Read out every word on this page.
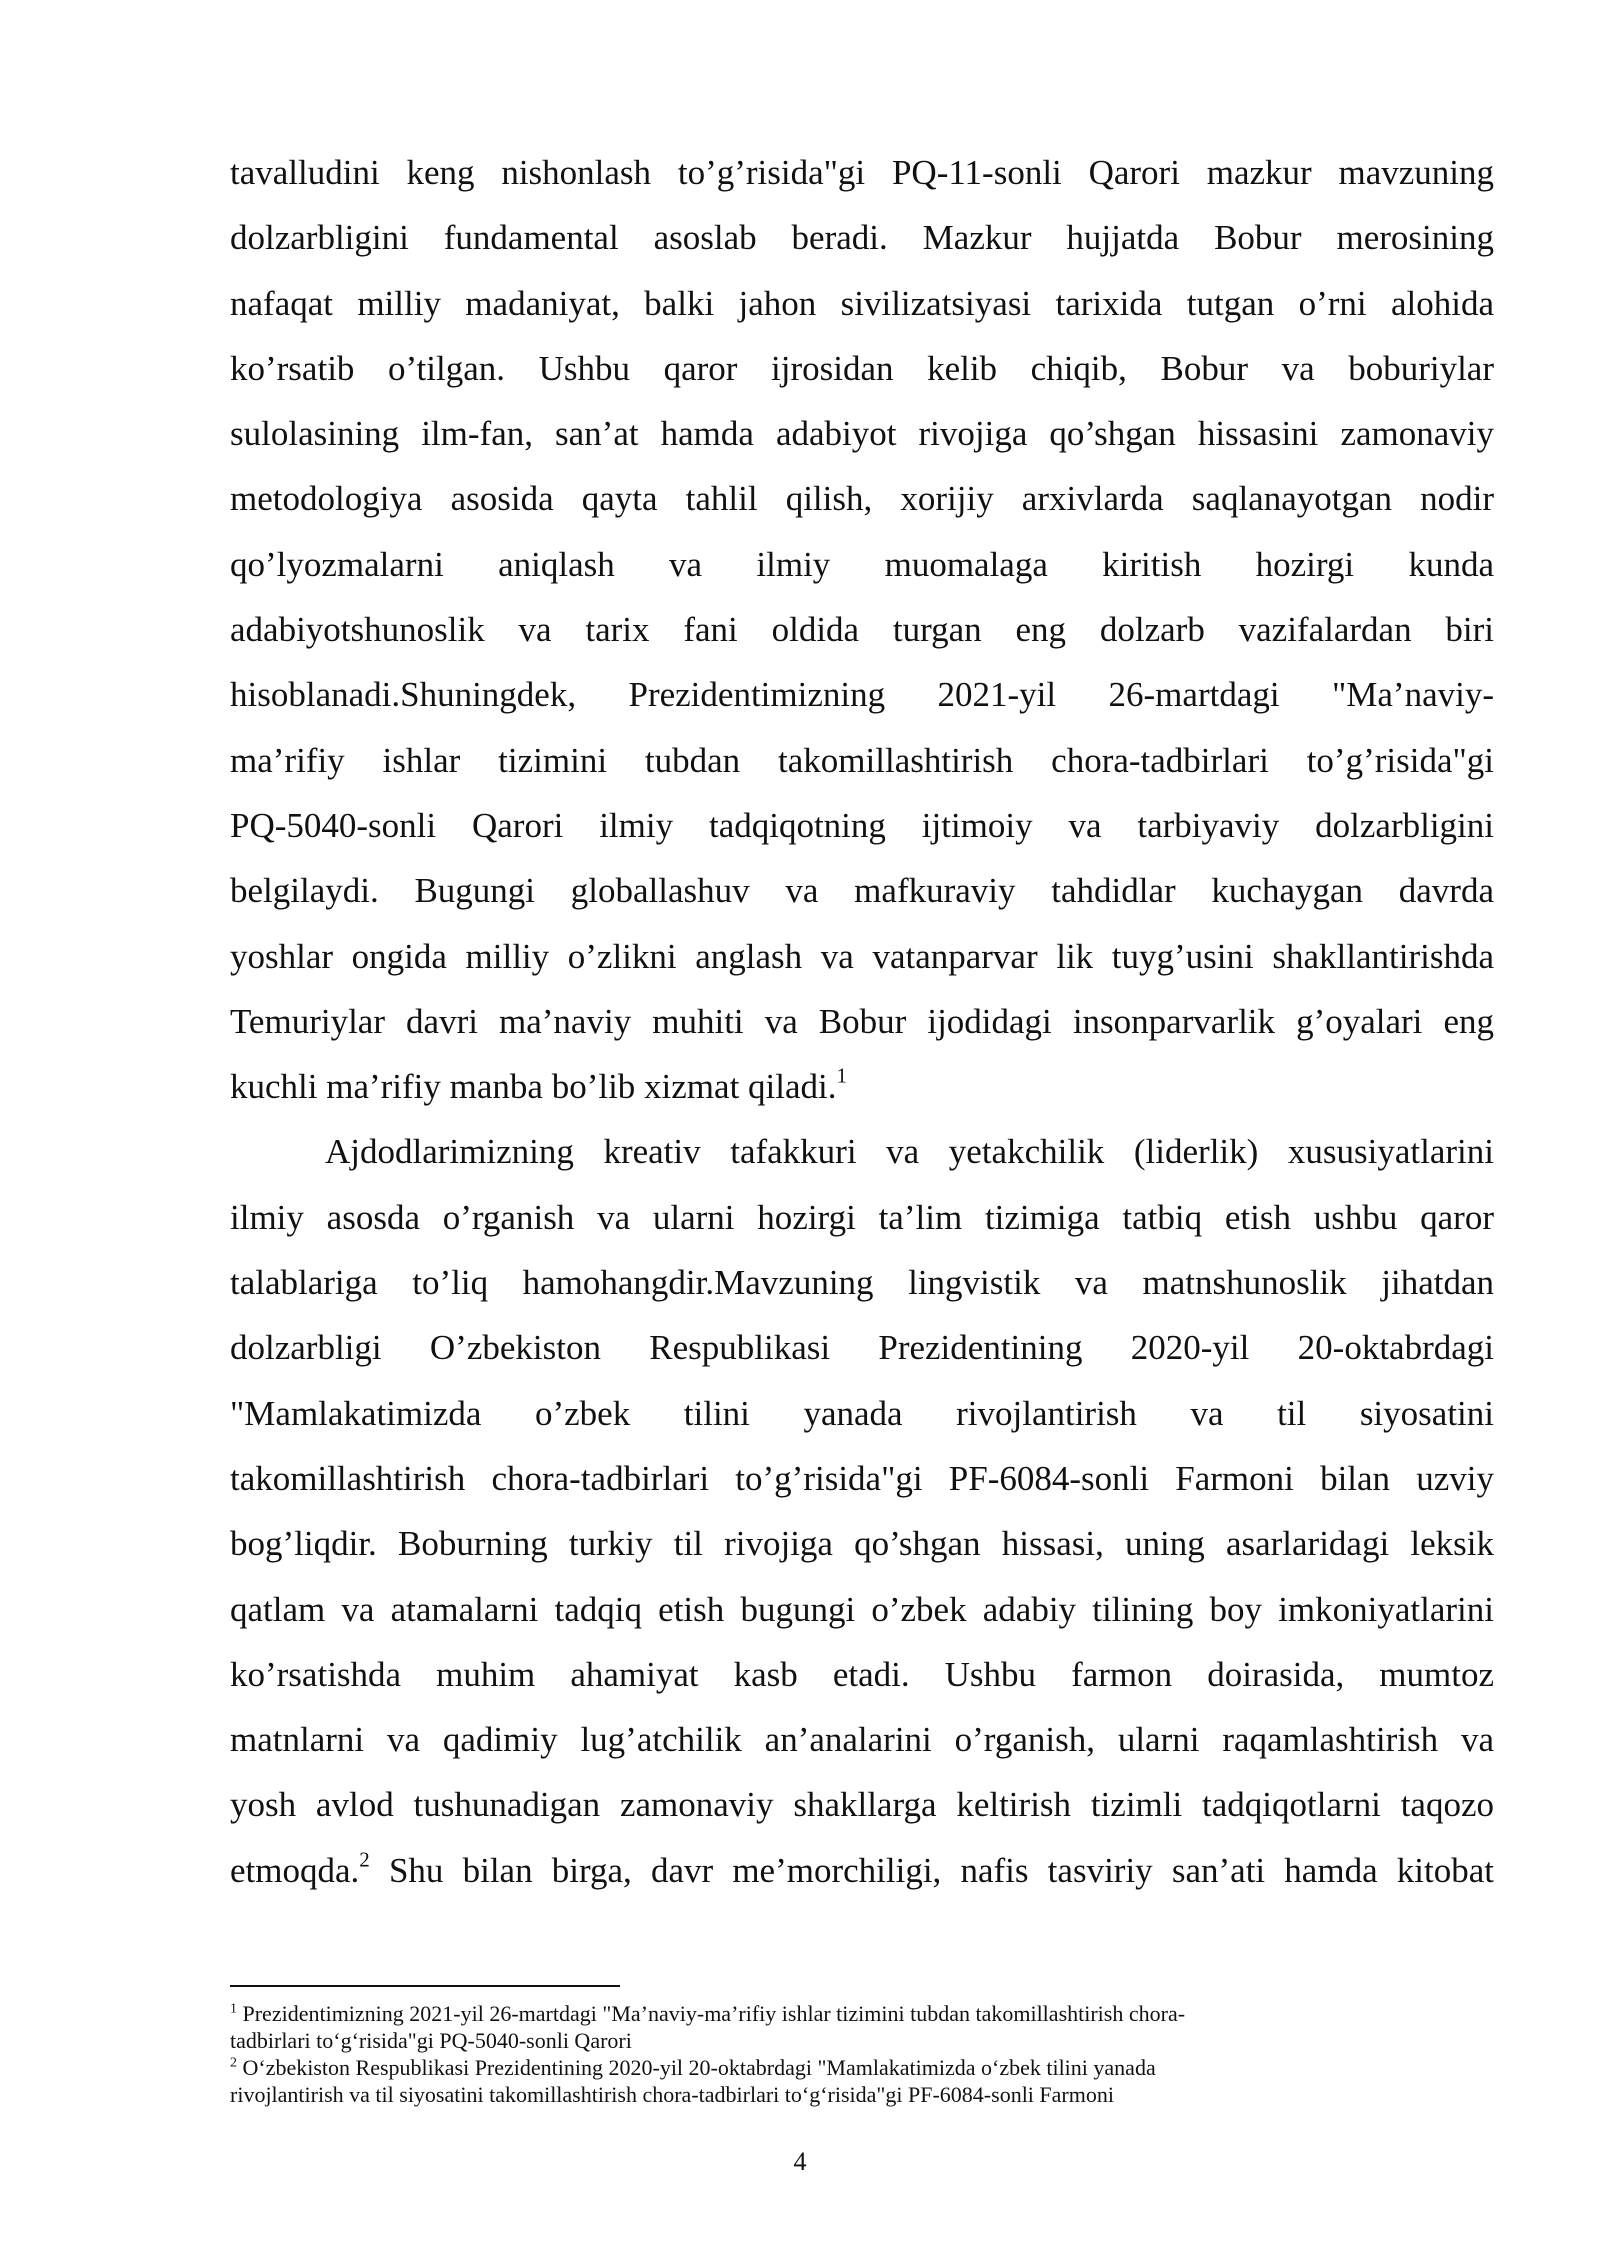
tavalludini keng nishonlash to’g’risida"gi PQ-11-sonli Qarori mazkur mavzuning
dolzarbligini fundamental asoslab beradi. Mazkur hujjatda Bobur merosining
nafaqat milliy madaniyat, balki jahon sivilizatsiyasi tarixida tutgan o’rni alohida
ko’rsatib o’tilgan. Ushbu qaror ijrosidan kelib chiqib, Bobur va boburiylar
sulolasining ilm-fan, san’at hamda adabiyot rivojiga qo’shgan hissasini zamonaviy
metodologiya asosida qayta tahlil qilish, xorijiy arxivlarda saqlanayotgan nodir
qo’lyozmalarni aniqlash va ilmiy muomalaga kiritish hozirgi kunda
adabiyotshunoslik va tarix fani oldida turgan eng dolzarb vazifalardan biri
hisoblanadi.Shuningdek, Prezidentimizning 2021-yil 26-martdagi "Ma’naviy-
ma’rifiy ishlar tizimini tubdan takomillashtirish chora-tadbirlari to’g’risida"gi
PQ-5040-sonli Qarori ilmiy tadqiqotning ijtimoiy va tarbiyaviy dolzarbligini
belgilaydi. Bugungi globallashuv va mafkuraviy tahdidlar kuchaygan davrda
yoshlar ongida milliy o’zlikni anglash va vatanparvar lik tuyg’usini shakllantirishda
Temuriylar davri ma’naviy muhiti va Bobur ijodidagi insonparvarlik g’oyalari eng
kuchli ma’rifiy manba bo’lib xizmat qiladi.$^1$
Ajdodlarimizning kreativ tafakkuri va yetakchilik (liderlik) xususiyatlarini
ilmiy asosda o’rganish va ularni hozirgi ta’lim tizimiga tatbiq etish ushbu qaror
talablariga to’liq hamohangdir.Mavzuning lingvistik va matnshunoslik jihatdan
dolzarbligi O’zbekiston Respublikasi Prezidentining 2020-yil 20-oktabrdagi
"Mamlakatimizda o’zbek tilini yanada rivojlantirish va til siyosatini
takomillashtirish chora-tadbirlari to’g’risida"gi PF-6084-sonli Farmoni bilan uzviy
bog’liqdir. Boburning turkiy til rivojiga qo’shgan hissasi, uning asarlaridagi leksik
qatlam va atamalarni tadqiq etish bugungi o’zbek adabiy tilining boy imkoniyatlarini
ko’rsatishda muhim ahamiyat kasb etadi. Ushbu farmon doirasida, mumtoz
matnlarni va qadimiy lug’atchilik an’analarini o’rganish, ularni raqamlashtirish va
yosh avlod tushunadigan zamonaviy shakllarga keltirish tizimli tadqiqotlarni taqozo
etmoqda.$^2$ Shu bilan birga, davr me’morchiligi, nafis tasviriy san’ati hamda kitobat

$^1$ Prezidentimizning 2021-yil 26-martdagi "Ma’naviy-ma’rifiy ishlar tizimini tubdan takomillashtirish chora-
tadbirlari to‘g‘risida"gi PQ-5040-sonli Qarori

$^2$ O‘zbekiston Respublikasi Prezidentining 2020-yil 20-oktabrdagi "Mamlakatimizda o‘zbek tilini yanada
rivojlantirish va til siyosatini takomillashtirish chora-tadbirlari to‘g‘risida"gi PF-6084-sonli Farmoni

4
